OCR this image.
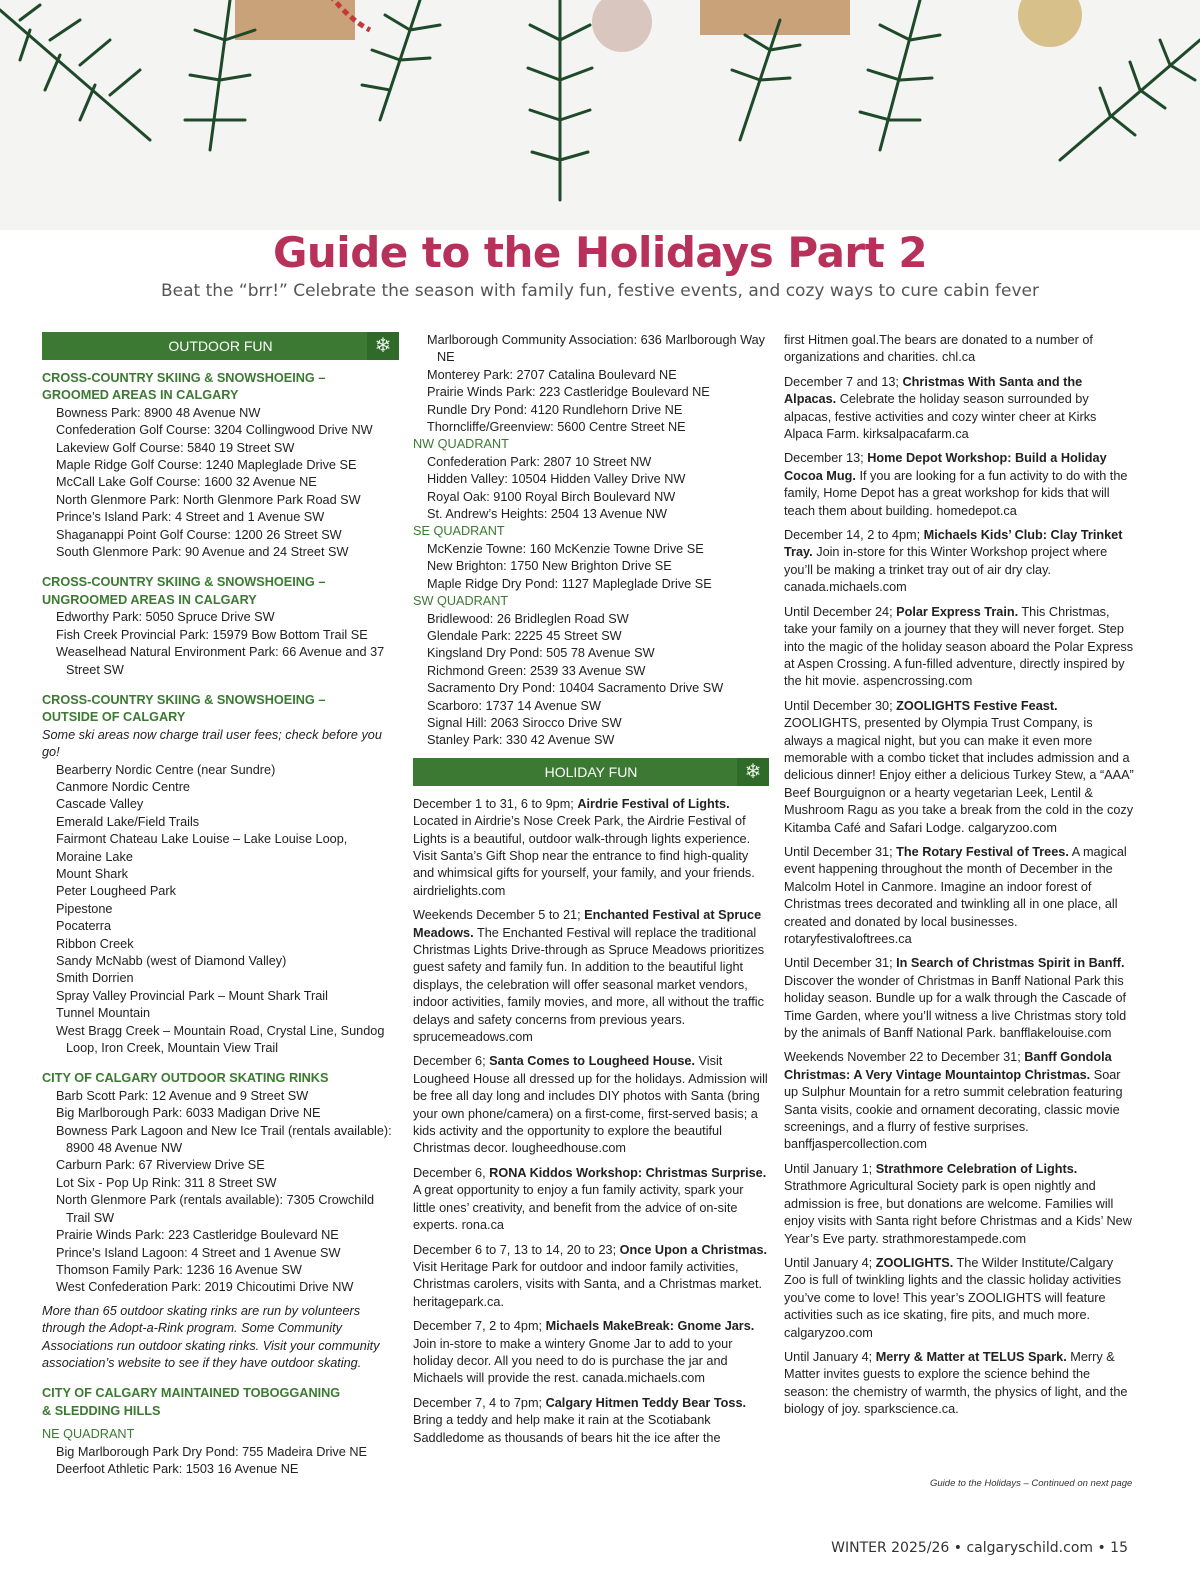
Guide to the Holidays Part 2
Beat the “brr!” Celebrate the season with family fun, festive events, and cozy ways to cure cabin fever
OUTDOOR FUN	❄
CROSS-COUNTRY SKIING & SNOWSHOEING –
GROOMED AREAS IN CALGARY
Bowness Park: 8900 48 Avenue NW
Confederation Golf Course: 3204 Collingwood Drive NW
Lakeview Golf Course: 5840 19 Street SW
Maple Ridge Golf Course: 1240 Mapleglade Drive SE
McCall Lake Golf Course: 1600 32 Avenue NE
North Glenmore Park: North Glenmore Park Road SW
Prince’s Island Park: 4 Street and 1 Avenue SW
Shaganappi Point Golf Course: 1200 26 Street SW
South Glenmore Park: 90 Avenue and 24 Street SW
CROSS-COUNTRY SKIING & SNOWSHOEING –
UNGROOMED AREAS IN CALGARY
Edworthy Park: 5050 Spruce Drive SW
Fish Creek Provincial Park: 15979 Bow Bottom Trail SE
Weaselhead Natural Environment Park: 66 Avenue and 37 Street SW
CROSS-COUNTRY SKIING & SNOWSHOEING –
OUTSIDE OF CALGARY
Some ski areas now charge trail user fees; check before you go!
Bearberry Nordic Centre (near Sundre)
Canmore Nordic Centre
Cascade Valley
Emerald Lake/Field Trails
Fairmont Chateau Lake Louise – Lake Louise Loop,
Moraine Lake
Mount Shark
Peter Lougheed Park
Pipestone
Pocaterra
Ribbon Creek
Sandy McNabb (west of Diamond Valley)
Smith Dorrien
Spray Valley Provincial Park – Mount Shark Trail
Tunnel Mountain
West Bragg Creek – Mountain Road, Crystal Line, Sundog Loop, Iron Creek, Mountain View Trail
CITY OF CALGARY OUTDOOR SKATING RINKS
Barb Scott Park: 12 Avenue and 9 Street SW
Big Marlborough Park: 6033 Madigan Drive NE
Bowness Park Lagoon and New Ice Trail (rentals available): 8900 48 Avenue NW
Carburn Park: 67 Riverview Drive SE
Lot Six - Pop Up Rink: 311 8 Street SW
North Glenmore Park (rentals available): 7305 Crowchild Trail SW
Prairie Winds Park: 223 Castleridge Boulevard NE
Prince’s Island Lagoon: 4 Street and 1 Avenue SW
Thomson Family Park: 1236 16 Avenue SW
West Confederation Park: 2019 Chicoutimi Drive NW
More than 65 outdoor skating rinks are run by volunteers through the Adopt-a-Rink program. Some Community Associations run outdoor skating rinks. Visit your community association’s website to see if they have outdoor skating.
CITY OF CALGARY MAINTAINED TOBOGGANING
& SLEDDING HILLS
NE QUADRANT
Big Marlborough Park Dry Pond: 755 Madeira Drive NE
Deerfoot Athletic Park: 1503 16 Avenue NE
Marlborough Community Association: 636 Marlborough Way NE
Monterey Park: 2707 Catalina Boulevard NE
Prairie Winds Park: 223 Castleridge Boulevard NE
Rundle Dry Pond: 4120 Rundlehorn Drive NE
Thorncliffe/Greenview: 5600 Centre Street NE
NW QUADRANT
Confederation Park: 2807 10 Street NW
Hidden Valley: 10504 Hidden Valley Drive NW
Royal Oak: 9100 Royal Birch Boulevard NW
St. Andrew’s Heights: 2504 13 Avenue NW
SE QUADRANT
McKenzie Towne: 160 McKenzie Towne Drive SE
New Brighton: 1750 New Brighton Drive SE
Maple Ridge Dry Pond: 1127 Mapleglade Drive SE
SW QUADRANT
Bridlewood: 26 Bridleglen Road SW
Glendale Park: 2225 45 Street SW
Kingsland Dry Pond: 505 78 Avenue SW
Richmond Green: 2539 33 Avenue SW
Sacramento Dry Pond: 10404 Sacramento Drive SW
Scarboro: 1737 14 Avenue SW
Signal Hill: 2063 Sirocco Drive SW
Stanley Park: 330 42 Avenue SW
HOLIDAY FUN	❄
December 1 to 31, 6 to 9pm; Airdrie Festival of Lights. Located in Airdrie’s Nose Creek Park, the Airdrie Festival of Lights is a beautiful, outdoor walk-through lights experience. Visit Santa’s Gift Shop near the entrance to find high-quality and whimsical gifts for yourself, your family, and your friends. airdrielights.com
Weekends December 5 to 21; Enchanted Festival at Spruce Meadows. The Enchanted Festival will replace the traditional Christmas Lights Drive-through as Spruce Meadows prioritizes guest safety and family fun. In addition to the beautiful light displays, the celebration will offer seasonal market vendors, indoor activities, family movies, and more, all without the traffic delays and safety concerns from previous years. sprucemeadows.com
December 6; Santa Comes to Lougheed House. Visit Lougheed House all dressed up for the holidays. Admission will be free all day long and includes DIY photos with Santa (bring your own phone/camera) on a first-come, first-served basis; a kids activity and the opportunity to explore the beautiful Christmas decor. lougheedhouse.com
December 6, RONA Kiddos Workshop: Christmas Surprise. A great opportunity to enjoy a fun family activity, spark your little ones’ creativity, and benefit from the advice of on-site experts. rona.ca
December 6 to 7, 13 to 14, 20 to 23; Once Upon a Christmas. Visit Heritage Park for outdoor and indoor family activities, Christmas carolers, visits with Santa, and a Christmas market. heritagepark.ca.
December 7, 2 to 4pm; Michaels MakeBreak: Gnome Jars. Join in-store to make a wintery Gnome Jar to add to your holiday decor. All you need to do is purchase the jar and Michaels will provide the rest. canada.michaels.com
December 7, 4 to 7pm; Calgary Hitmen Teddy Bear Toss. Bring a teddy and help make it rain at the Scotiabank Saddledome as thousands of bears hit the ice after the
first Hitmen goal.The bears are donated to a number of organizations and charities. chl.ca
December 7 and 13; Christmas With Santa and the Alpacas. Celebrate the holiday season surrounded by alpacas, festive activities and cozy winter cheer at Kirks Alpaca Farm. kirksalpacafarm.ca
December 13; Home Depot Workshop: Build a Holiday Cocoa Mug. If you are looking for a fun activity to do with the family, Home Depot has a great workshop for kids that will teach them about building. homedepot.ca
December 14, 2 to 4pm; Michaels Kids’ Club: Clay Trinket Tray. Join in-store for this Winter Workshop project where you’ll be making a trinket tray out of air dry clay. canada.michaels.com
Until December 24; Polar Express Train. This Christmas, take your family on a journey that they will never forget. Step into the magic of the holiday season aboard the Polar Express at Aspen Crossing. A fun-filled adventure, directly inspired by the hit movie. aspencrossing.com
Until December 30; ZOOLIGHTS Festive Feast. ZOOLIGHTS, presented by Olympia Trust Company, is always a magical night, but you can make it even more memorable with a combo ticket that includes admission and a delicious dinner! Enjoy either a delicious Turkey Stew, a “AAA” Beef Bourguignon or a hearty vegetarian Leek, Lentil & Mushroom Ragu as you take a break from the cold in the cozy Kitamba Café and Safari Lodge. calgaryzoo.com
Until December 31; The Rotary Festival of Trees. A magical event happening throughout the month of December in the Malcolm Hotel in Canmore. Imagine an indoor forest of Christmas trees decorated and twinkling all in one place, all created and donated by local businesses. rotaryfestivaloftrees.ca
Until December 31; In Search of Christmas Spirit in Banff. Discover the wonder of Christmas in Banff National Park this holiday season. Bundle up for a walk through the Cascade of Time Garden, where you’ll witness a live Christmas story told by the animals of Banff National Park. banfflakelouise.com
Weekends November 22 to December 31; Banff Gondola Christmas: A Very Vintage Mountaintop Christmas. Soar up Sulphur Mountain for a retro summit celebration featuring Santa visits, cookie and ornament decorating, classic movie screenings, and a flurry of festive surprises. banffjaspercollection.com
Until January 1; Strathmore Celebration of Lights. Strathmore Agricultural Society park is open nightly and admission is free, but donations are welcome. Families will enjoy visits with Santa right before Christmas and a Kids’ New Year’s Eve party. strathmorestampede.com
Until January 4; ZOOLIGHTS. The Wilder Institute/Calgary Zoo is full of twinkling lights and the classic holiday activities you’ve come to love! This year’s ZOOLIGHTS will feature activities such as ice skating, fire pits, and much more. calgaryzoo.com
Until January 4; Merry & Matter at TELUS Spark. Merry & Matter invites guests to explore the science behind the season: the chemistry of warmth, the physics of light, and the biology of joy. sparkscience.ca.
Guide to the Holidays – Continued on next page
WINTER 2025/26 • calgaryschild.com • 15
